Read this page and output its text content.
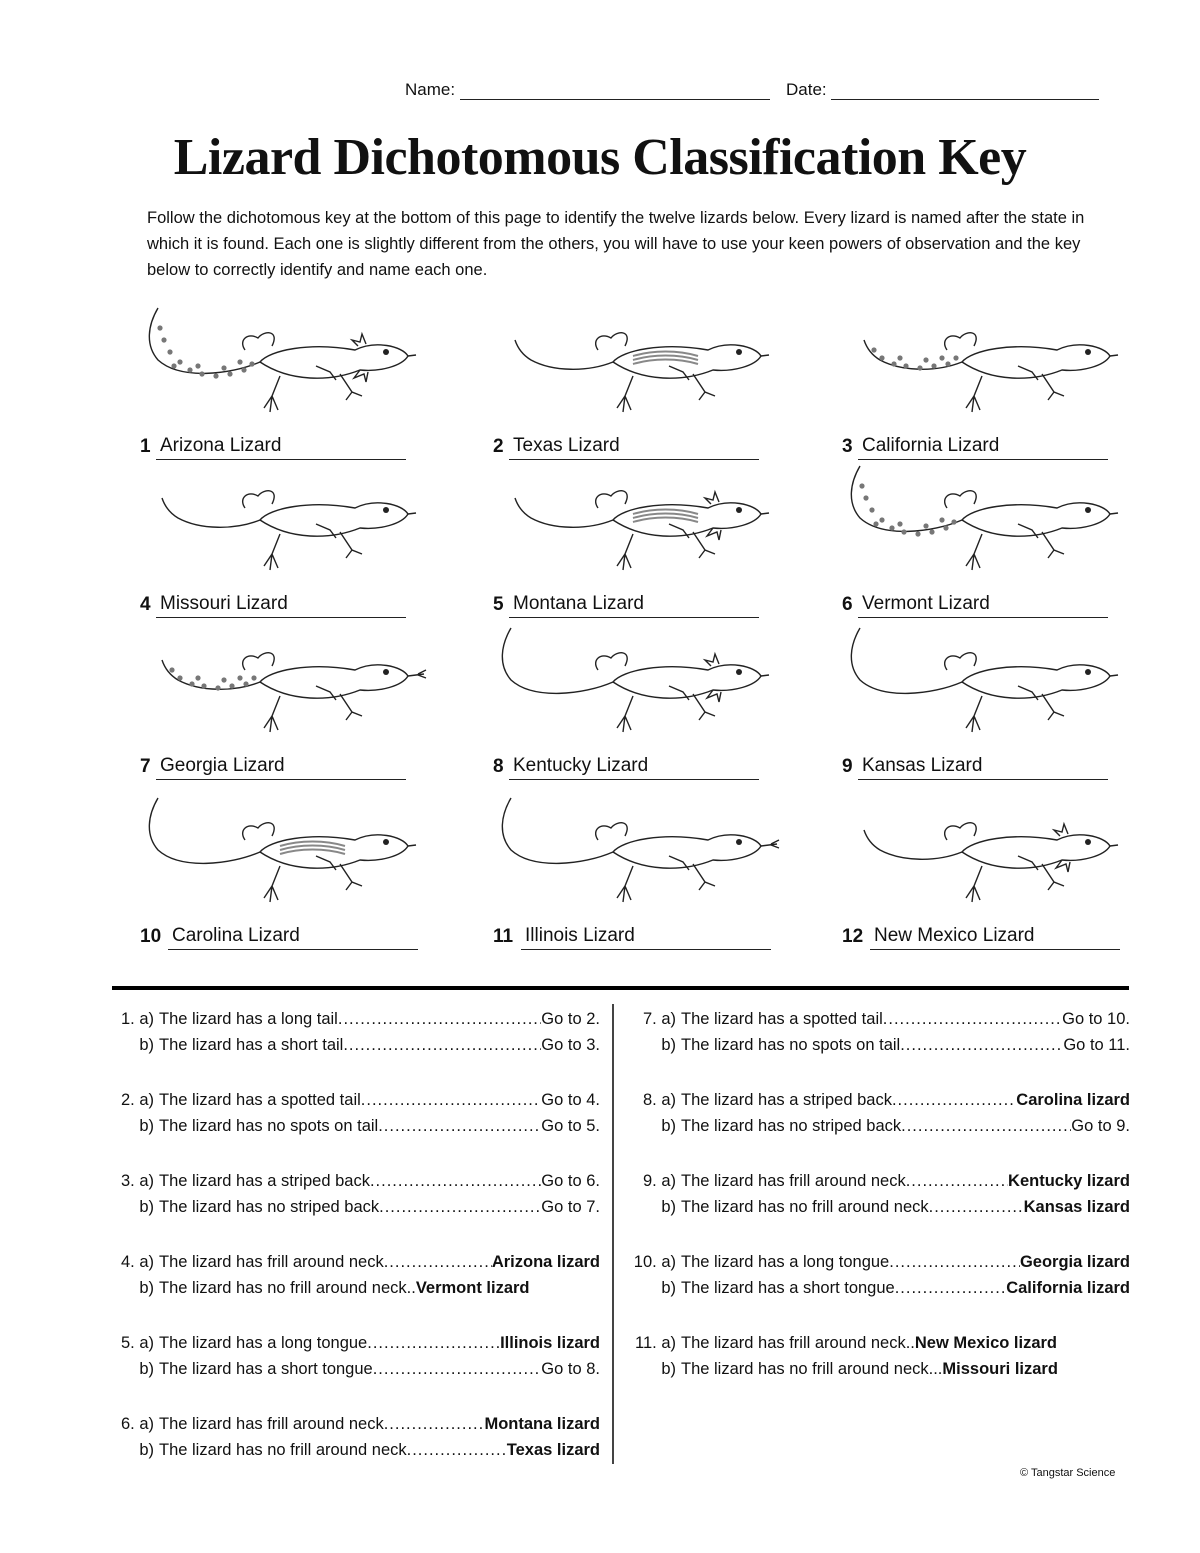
Name:	Date:
Lizard Dichotomous Classification Key

Follow the dichotomous key at the bottom of this page to identify the twelve lizards below. Every lizard is named after the state in which it is found. Each one is slightly different from the others, you will have to use your keen powers of observation and the key below to correctly identify and name each one.

1 Arizona Lizard	2 Texas Lizard	3 California Lizard
4 Missouri Lizard	5 Montana Lizard	6 Vermont Lizard
7 Georgia Lizard	8 Kentucky Lizard	9 Kansas Lizard
10 Carolina Lizard	11 Illinois Lizard	12 New Mexico Lizard
1. a) The lizard has a long tail .....	Go to 2.
b) The lizard has a short tail .....	Go to 3.
2. a) The lizard has a spotted tail .....	Go to 4.
b) The lizard has no spots on tail .....	Go to 5.
3. a) The lizard has a striped back .....	Go to 6.
b) The lizard has no striped back .....	Go to 7.
4. a) The lizard has frill around neck .....	Arizona lizard
b) The lizard has no frill around neck.. Vermont lizard
5. a) The lizard has a long tongue .....	Illinois lizard
b) The lizard has a short tongue .....	Go to 8.
6. a) The lizard has frill around neck .....	Montana lizard
b) The lizard has no frill around neck .....	Texas lizard
7. a) The lizard has a spotted tail .....	Go to 10.
b) The lizard has no spots on tail .....	Go to 11.
8. a) The lizard has a striped back .....	Carolina lizard
b) The lizard has no striped back .....	Go to 9.
9. a) The lizard has frill around neck .....	Kentucky lizard
b) The lizard has no frill around neck .....	Kansas lizard
10. a) The lizard has a long tongue .....	Georgia lizard
b) The lizard has a short tongue .....	California lizard
11. a) The lizard has frill around neck.. New Mexico lizard
b) The lizard has no frill around neck... Missouri lizard
© Tangstar Science
